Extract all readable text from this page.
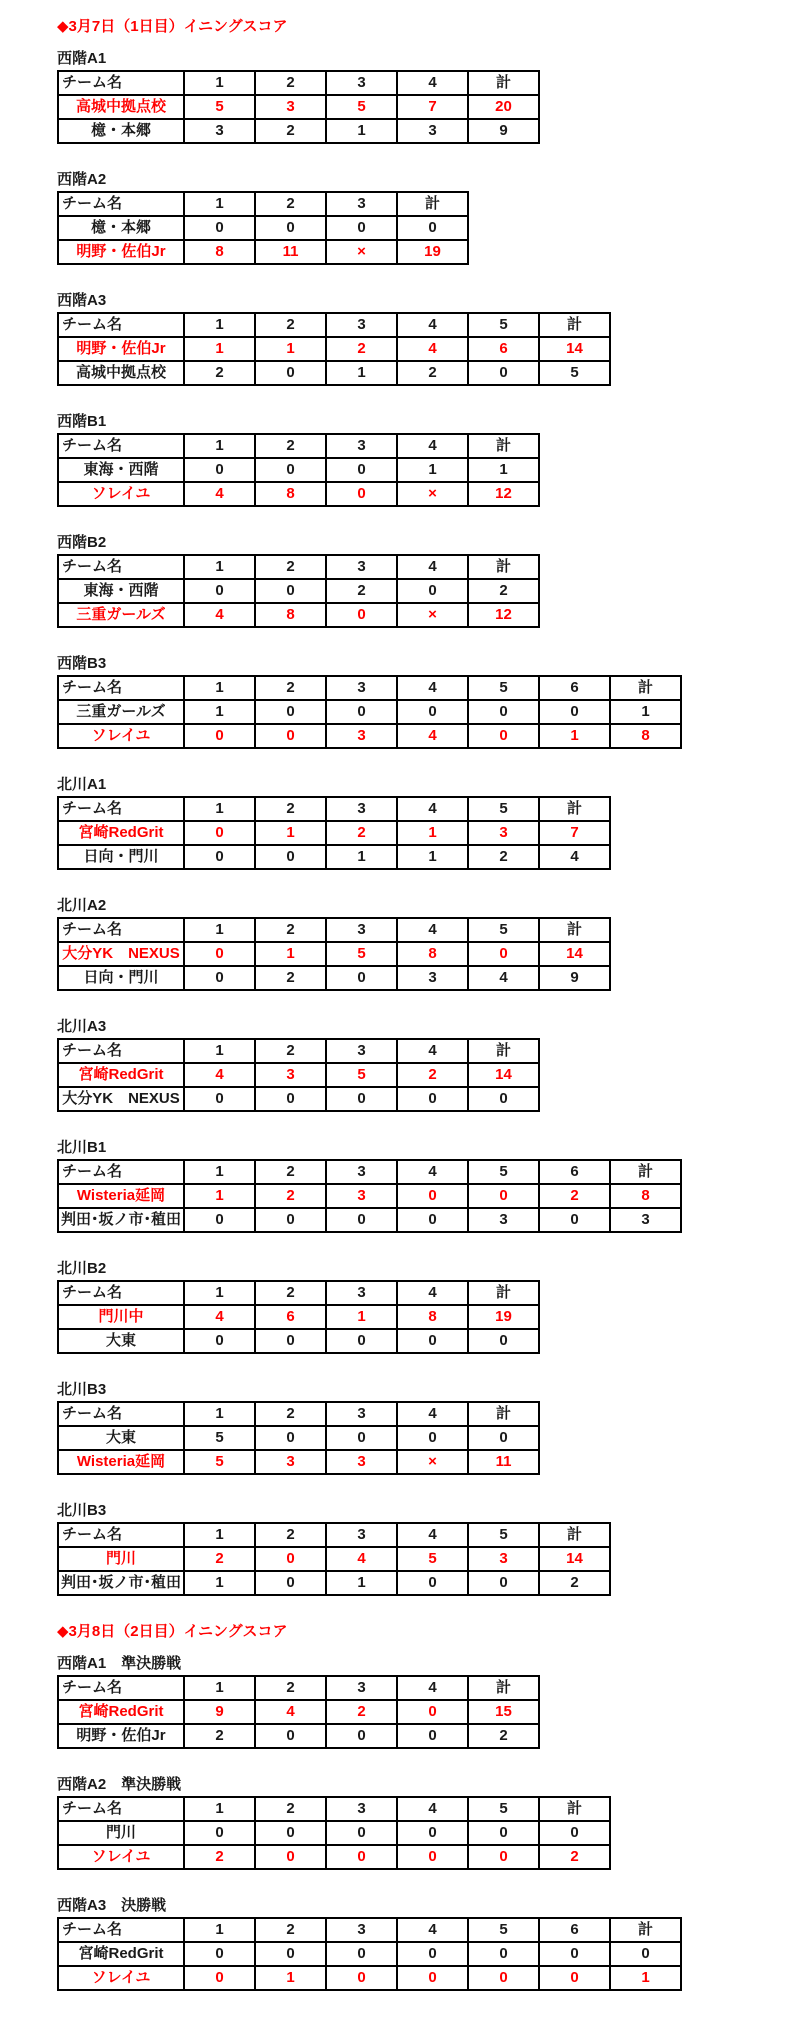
◆3月7日（1日目）イニングスコア
西階A1
チーム名	1	2	3	4	計
高城中拠点校	5	3	5	7	20
檍・本郷	3	2	1	3	9
西階A2
チーム名	1	2	3	計
檍・本郷	0	0	0	0
明野・佐伯Jr	8	11	×	19
西階A3
チーム名	1	2	3	4	5	計
明野・佐伯Jr	1	1	2	4	6	14
高城中拠点校	2	0	1	2	0	5
西階B1
チーム名	1	2	3	4	計
東海・西階	0	0	0	1	1
ソレイユ	4	8	0	×	12
西階B2
チーム名	1	2	3	4	計
東海・西階	0	0	2	0	2
三重ガールズ	4	8	0	×	12
西階B3
チーム名	1	2	3	4	5	6	計
三重ガールズ	1	0	0	0	0	0	1
ソレイユ	0	0	3	4	0	1	8
北川A1
チーム名	1	2	3	4	5	計
宮崎RedGrit	0	1	2	1	3	7
日向・門川	0	0	1	1	2	4
北川A2
チーム名	1	2	3	4	5	計
大分YK　NEXUS	0	1	5	8	0	14
日向・門川	0	2	0	3	4	9
北川A3
チーム名	1	2	3	4	計
宮崎RedGrit	4	3	5	2	14
大分YK　NEXUS	0	0	0	0	0
北川B1
チーム名	1	2	3	4	5	6	計
Wisteria延岡	1	2	3	0	0	2	8
判田･坂ノ市･稙田	0	0	0	0	3	0	3
北川B2
チーム名	1	2	3	4	計
門川中	4	6	1	8	19
大東	0	0	0	0	0
北川B3
チーム名	1	2	3	4	計
大東	5	0	0	0	0
Wisteria延岡	5	3	3	×	11
北川B3
チーム名	1	2	3	4	5	計
門川	2	0	4	5	3	14
判田･坂ノ市･稙田	1	0	1	0	0	2
◆3月8日（2日目）イニングスコア
西階A1　準決勝戦
チーム名	1	2	3	4	計
宮崎RedGrit	9	4	2	0	15
明野・佐伯Jr	2	0	0	0	2
西階A2　準決勝戦
チーム名	1	2	3	4	5	計
門川	0	0	0	0	0	0
ソレイユ	2	0	0	0	0	2
西階A3　決勝戦
チーム名	1	2	3	4	5	6	計
宮崎RedGrit	0	0	0	0	0	0	0
ソレイユ	0	1	0	0	0	0	1
